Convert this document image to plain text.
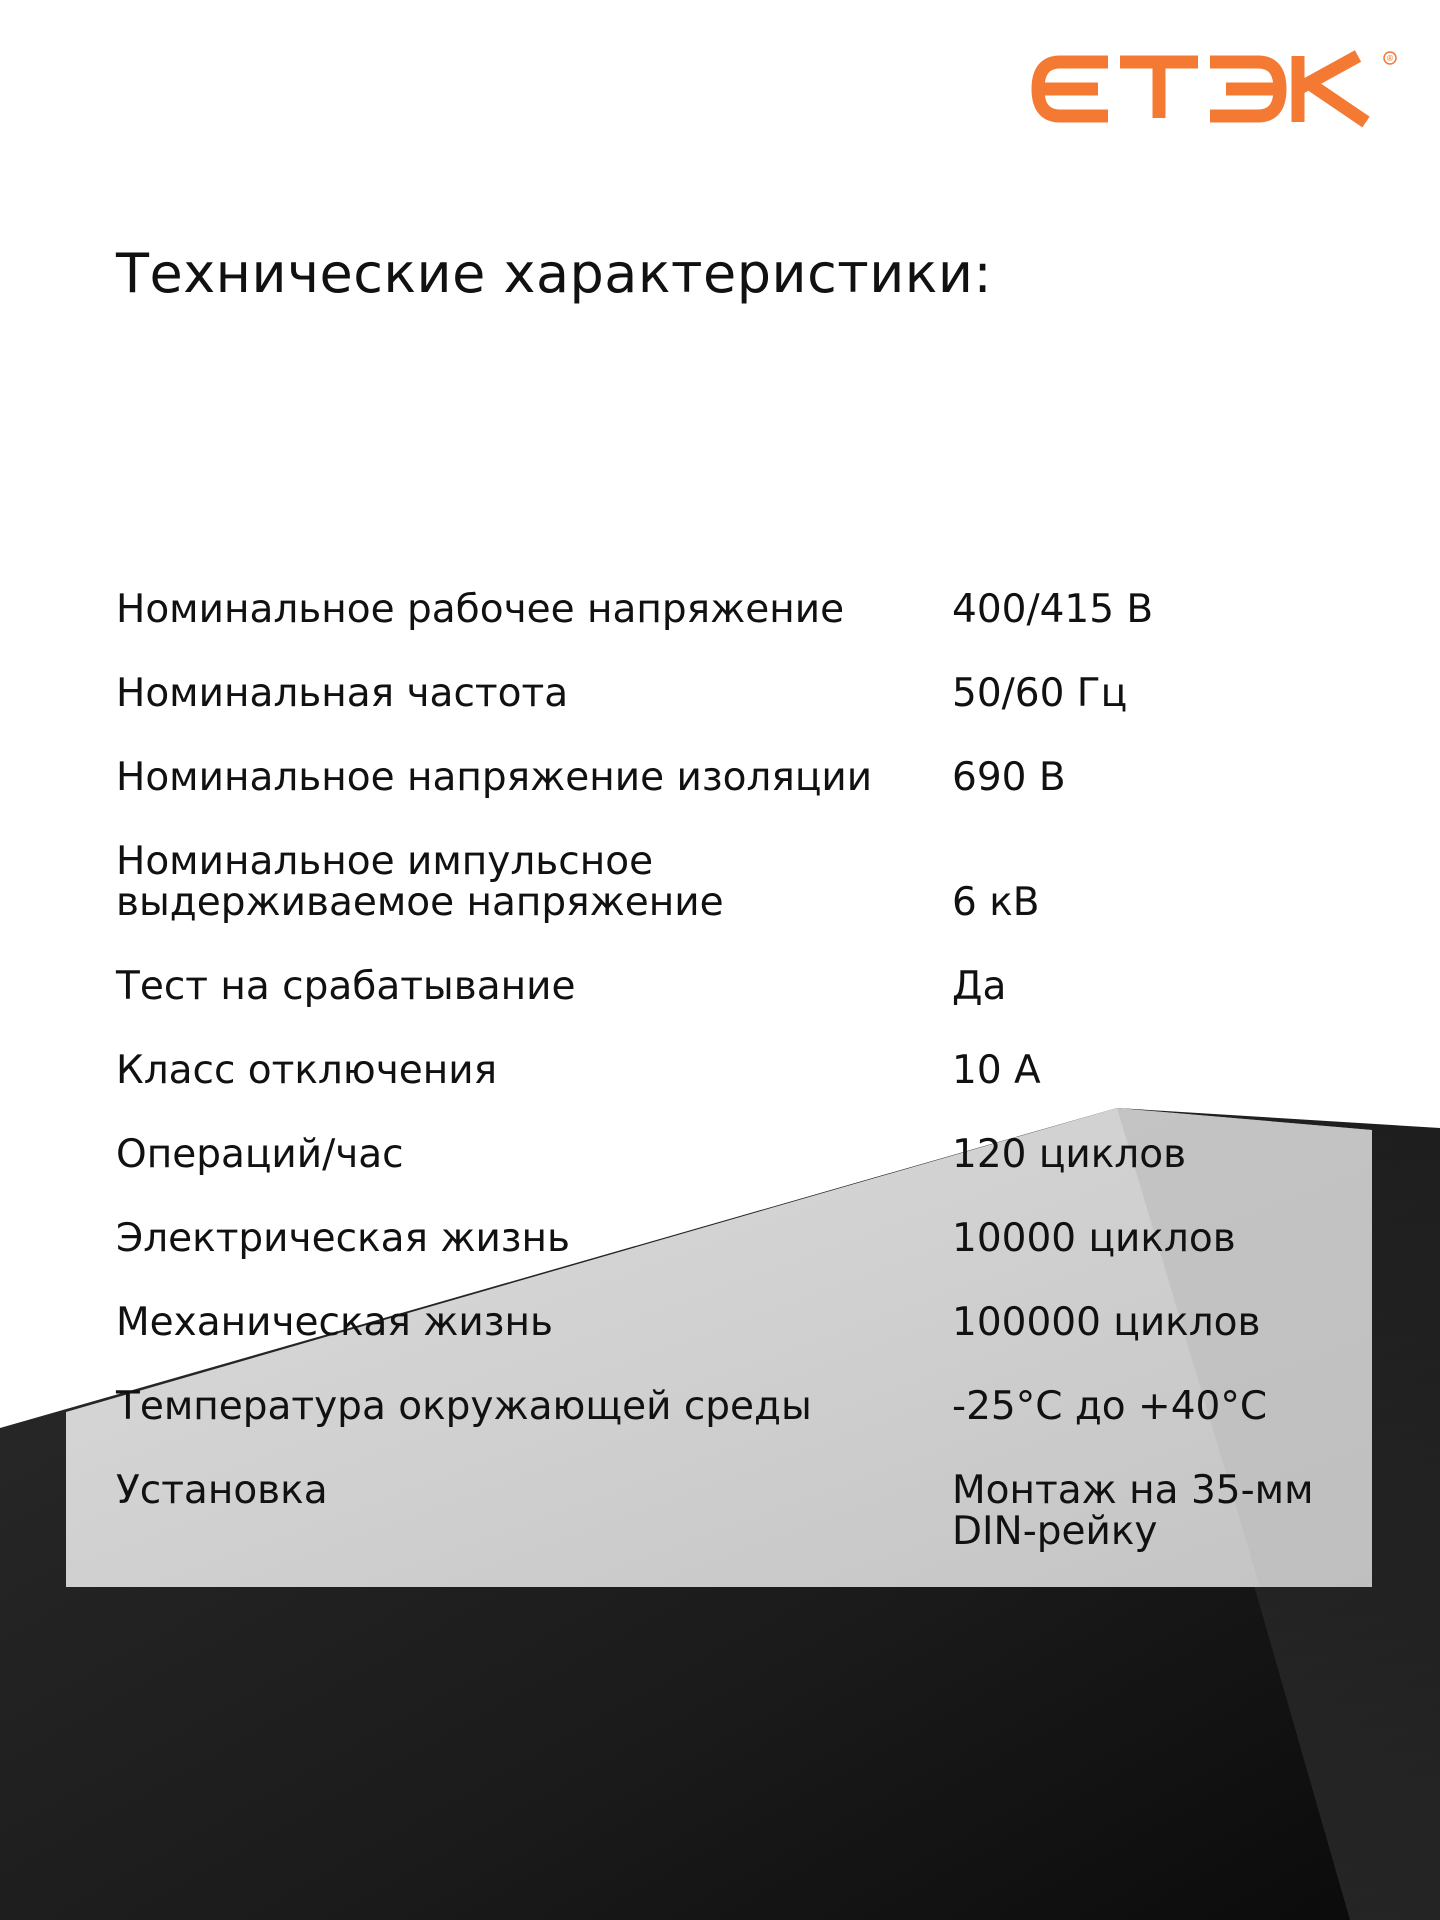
®
Технические характеристики:
Номинальное рабочее напряжение	400/415 В
Номинальная частота	50/60 Гц
Номинальное напряжение изоляции	690 В
Номинальное импульсное
выдерживаемое напряжение	6 кВ
Тест на срабатывание	Да
Класс отключения	10 А
Операций/час	120 циклов
Электрическая жизнь	10000 циклов
Механическая жизнь	100000 циклов
Температура окружающей среды	-25°C до +40°C
Установка	Монтаж на 35-мм
DIN-рейку
